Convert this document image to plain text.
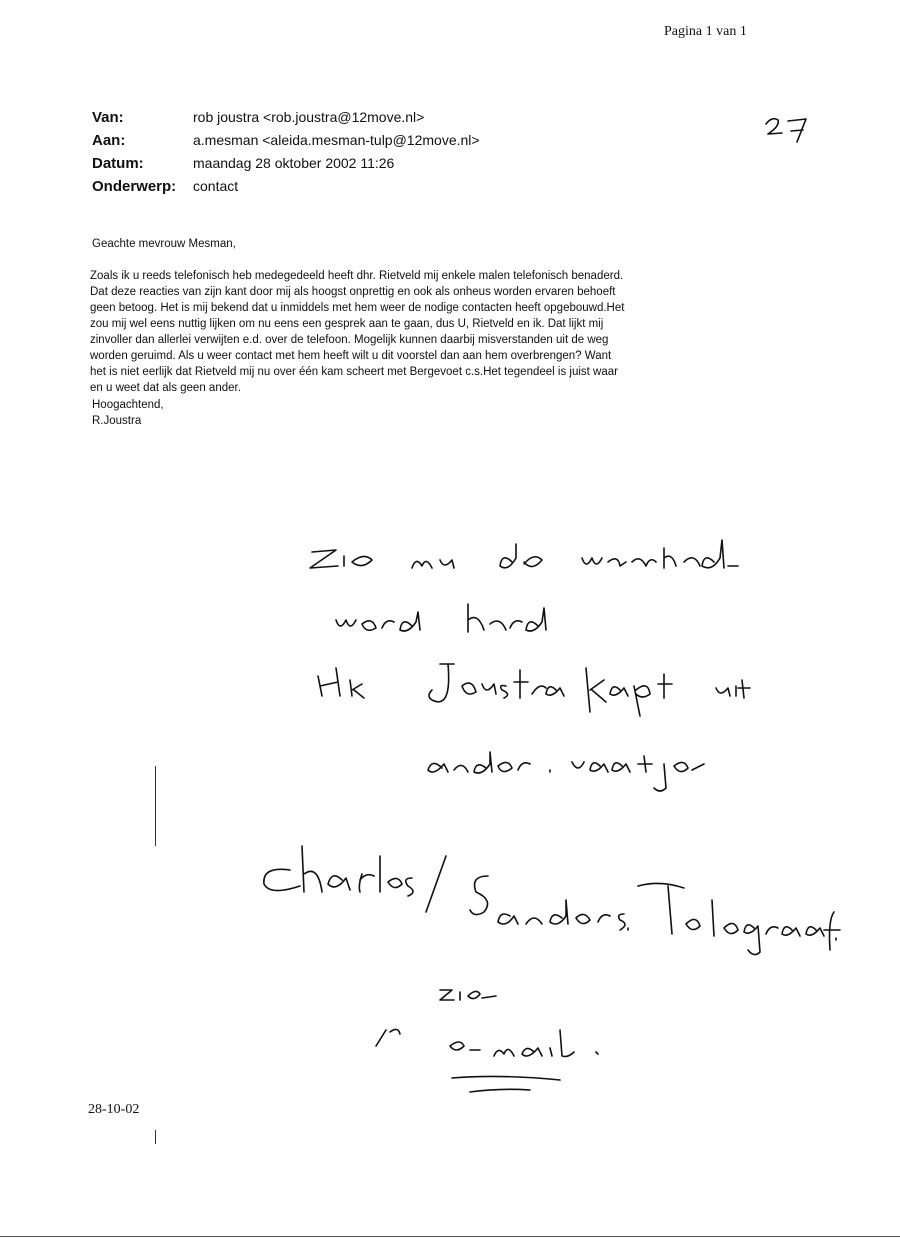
Pagina 1 van 1
Van:	rob joustra <rob.joustra@12move.nl>
Aan:	a.mesman <aleida.mesman-tulp@12move.nl>
Datum:	maandag 28 oktober 2002 11:26
Onderwerp: contact
Geachte mevrouw Mesman,
Zoals ik u reeds telefonisch heb medegedeeld heeft dhr. Rietveld mij enkele malen telefonisch benaderd.
Dat deze reacties van zijn kant door mij als hoogst onprettig en ook als onheus worden ervaren behoeft
geen betoog. Het is mij bekend dat u inmiddels met hem weer de nodige contacten heeft opgebouwd.Het
zou mij wel eens nuttig lijken om nu eens een gesprek aan te gaan, dus U, Rietveld en ik. Dat lijkt mij
zinvoller dan allerlei verwijten e.d. over de telefoon. Mogelijk kunnen daarbij misverstanden uit de weg
worden geruimd. Als u weer contact met hem heeft wilt u dit voorstel dan aan hem overbrengen? Want
het is niet eerlijk dat Rietveld mij nu over één kam scheert met Bergevoet c.s.Het tegendeel is juist waar
en u weet dat als geen ander.
Hoogachtend,
R.Joustra
28-10-02
